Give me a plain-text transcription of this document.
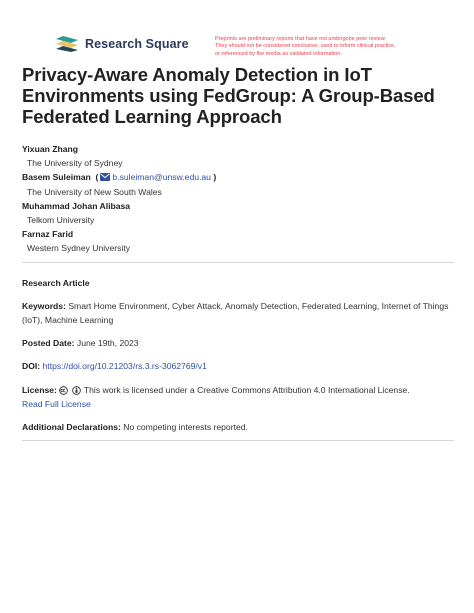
Research Square	Preprints are preliminary reports that have not undergone peer review.
They should not be considered conclusive, used to inform clinical practice,
or referenced by the media as validated information.
Privacy-Aware Anomaly Detection in IoT
Environments using FedGroup: A Group-Based
Federated Learning Approach
Yixuan Zhang
The University of Sydney
Basem Suleiman  ( b.suleiman@unsw.edu.au )
The University of New South Wales
Muhammad Johan Alibasa
Telkom University
Farnaz Farid
Western Sydney University
Research Article
Keywords: Smart Home Environment, Cyber Attack, Anomaly Detection, Federated Learning, Internet of Things (IoT), Machine Learning
Posted Date: June 19th, 2023
DOI: https://doi.org/10.21203/rs.3.rs-3062769/v1
License:	This work is licensed under a Creative Commons Attribution 4.0 International License.
Read Full License
Additional Declarations: No competing interests reported.
